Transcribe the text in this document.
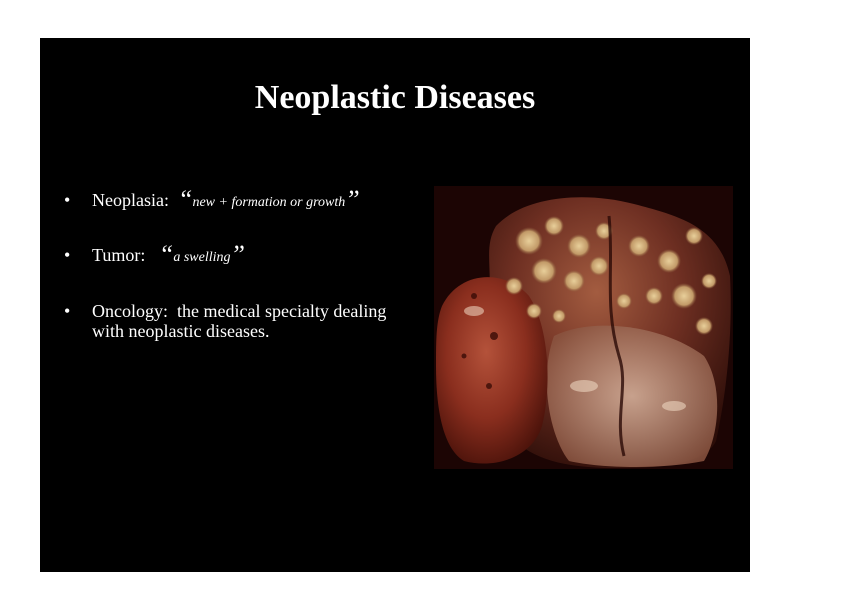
Neoplastic Diseases
• Neoplasia: “new + formation or growth”
• Tumor: “a swelling”
• Oncology: the medical specialty dealing with neoplastic diseases.
